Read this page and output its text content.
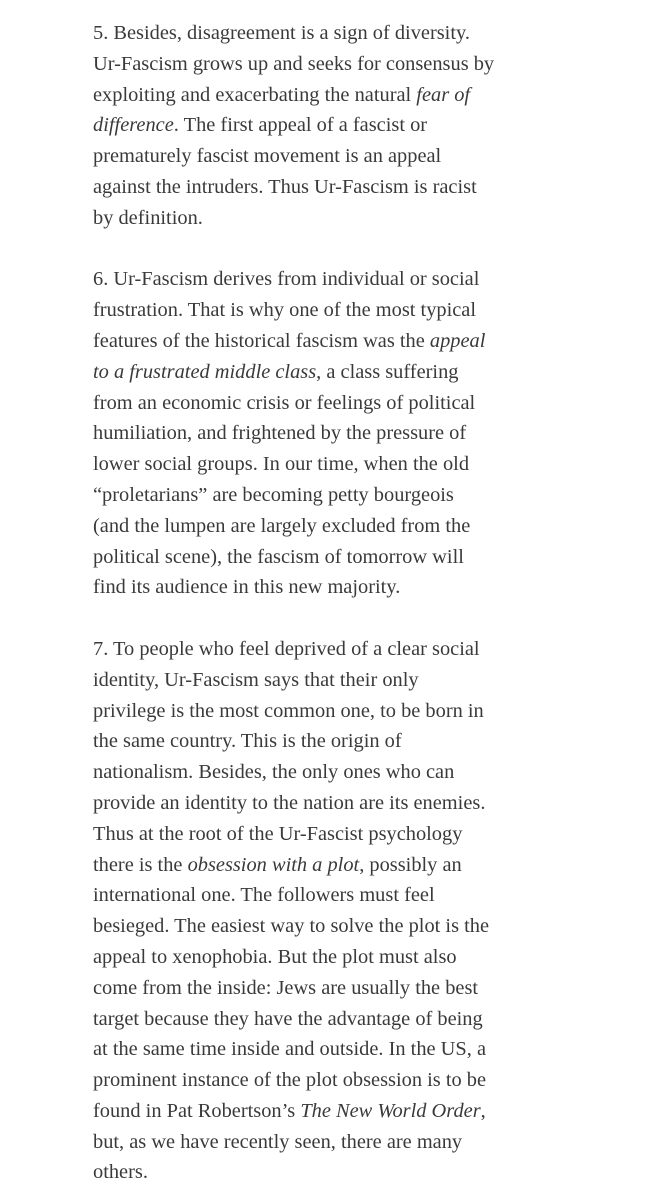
5. Besides, disagreement is a sign of diversity.
Ur-Fascism grows up and seeks for consensus by
exploiting and exacerbating the natural fear of
difference. The first appeal of a fascist or
prematurely fascist movement is an appeal
against the intruders. Thus Ur-Fascism is racist
by definition.

6. Ur-Fascism derives from individual or social
frustration. That is why one of the most typical
features of the historical fascism was the appeal
to a frustrated middle class, a class suffering
from an economic crisis or feelings of political
humiliation, and frightened by the pressure of
lower social groups. In our time, when the old
“proletarians” are becoming petty bourgeois
(and the lumpen are largely excluded from the
political scene), the fascism of tomorrow will
find its audience in this new majority.

7. To people who feel deprived of a clear social
identity, Ur-Fascism says that their only
privilege is the most common one, to be born in
the same country. This is the origin of
nationalism. Besides, the only ones who can
provide an identity to the nation are its enemies.
Thus at the root of the Ur-Fascist psychology
there is the obsession with a plot, possibly an
international one. The followers must feel
besieged. The easiest way to solve the plot is the
appeal to xenophobia. But the plot must also
come from the inside: Jews are usually the best
target because they have the advantage of being
at the same time inside and outside. In the US, a
prominent instance of the plot obsession is to be
found in Pat Robertson’s The New World Order,
but, as we have recently seen, there are many
others.
